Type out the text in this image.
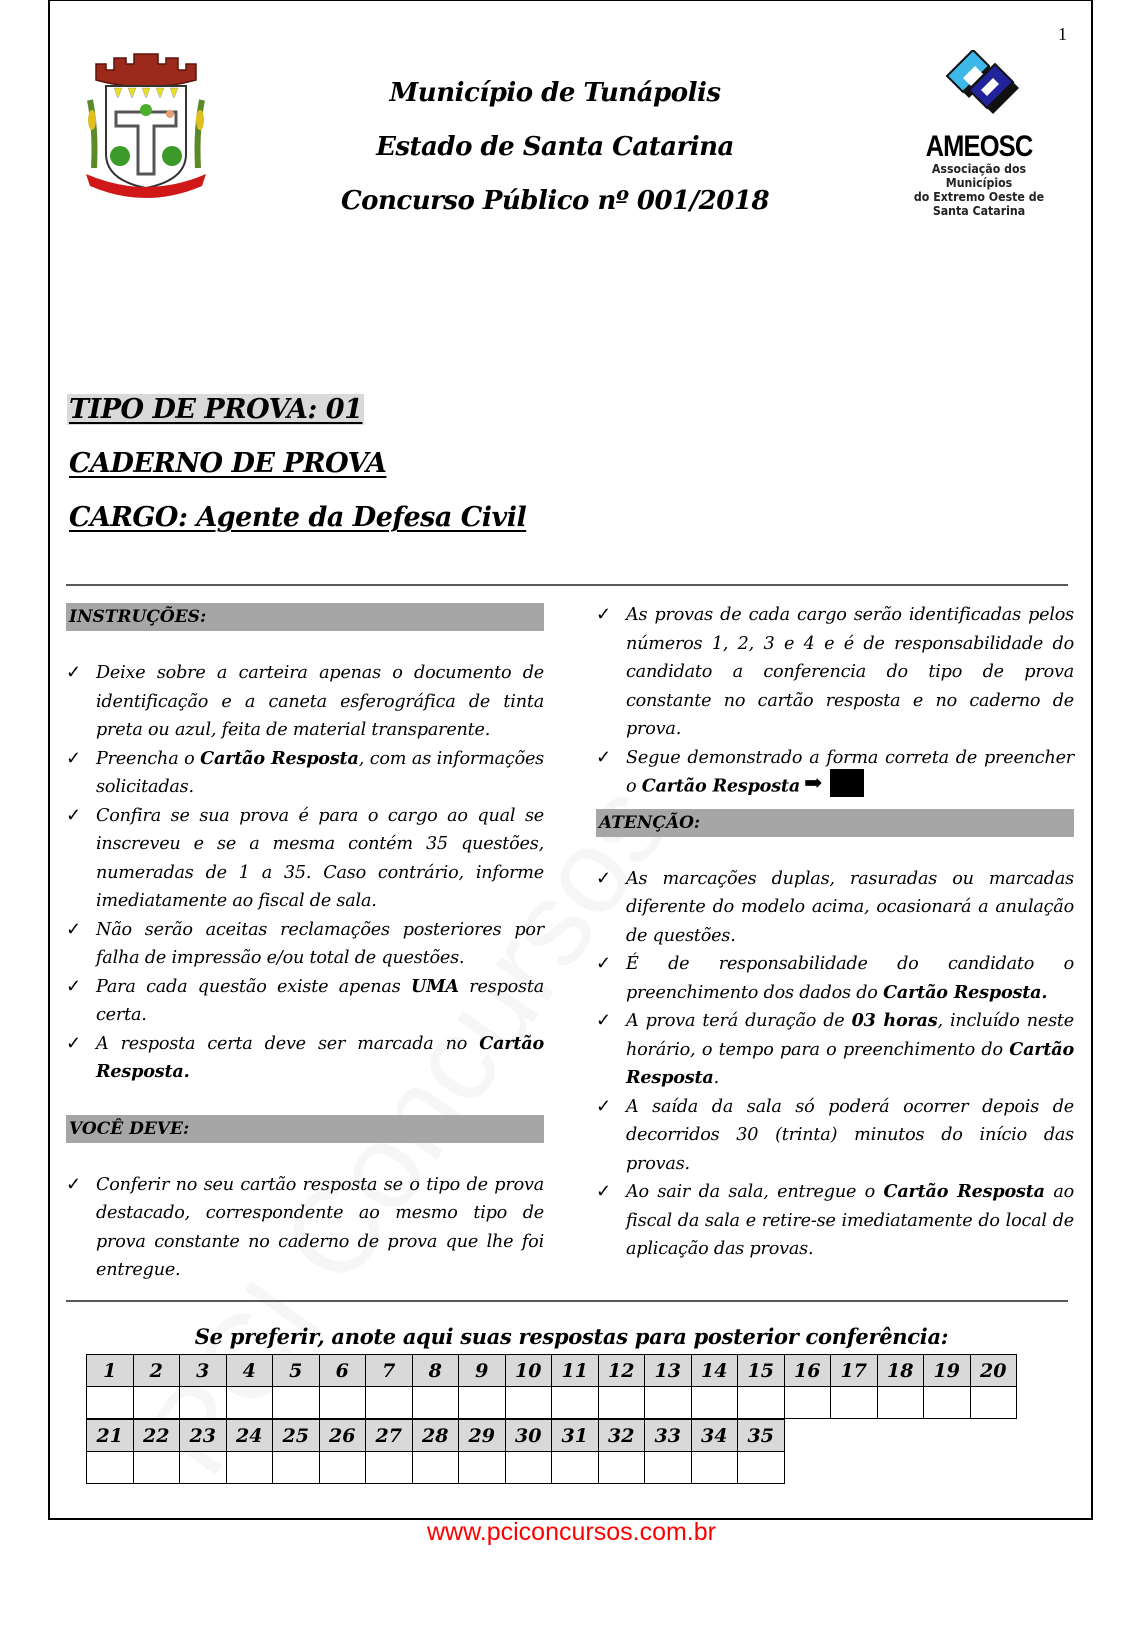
1
AMEOSC
Associação dos Municípios
do Extremo Oeste de
Santa Catarina
Município de Tunápolis
Estado de Santa Catarina
Concurso Público nº 001/2018
TIPO DE PROVA: 01
CADERNO DE PROVA
CARGO: Agente da Defesa Civil
INSTRUÇÕES:
✓ Deixe sobre a carteira apenas o documento de identificação e a caneta esferográfica de tinta preta ou azul, feita de material transparente.
✓ Preencha o Cartão Resposta, com as informações solicitadas.
✓ Confira se sua prova é para o cargo ao qual se inscreveu e se a mesma contém 35 questões, numeradas de 1 a 35. Caso contrário, informe imediatamente ao fiscal de sala.
✓ Não serão aceitas reclamações posteriores por falha de impressão e/ou total de questões.
✓ Para cada questão existe apenas UMA resposta certa.
✓ A resposta certa deve ser marcada no Cartão Resposta.
VOCÊ DEVE:
✓ Conferir no seu cartão resposta se o tipo de prova destacado, correspondente ao mesmo tipo de prova constante no caderno de prova que lhe foi entregue.
✓ As provas de cada cargo serão identificadas pelos números 1, 2, 3 e 4 e é de responsabilidade do candidato a conferencia do tipo de prova constante no cartão resposta e no caderno de prova.
✓ Segue demonstrado a forma correta de preencher o Cartão Resposta ➡
ATENÇÃO:
✓ As marcações duplas, rasuradas ou marcadas diferente do modelo acima, ocasionará a anulação de questões.
✓ É de responsabilidade do candidato o preenchimento dos dados do Cartão Resposta.
✓ A prova terá duração de 03 horas, incluído neste horário, o tempo para o preenchimento do Cartão Resposta.
✓ A saída da sala só poderá ocorrer depois de decorridos 30 (trinta) minutos do início das provas.
✓ Ao sair da sala, entregue o Cartão Resposta ao fiscal da sala e retire-se imediatamente do local de aplicação das provas.
Se preferir, anote aqui suas respostas para posterior conferência:
1	2	3	4	5	6	7	8	9	10	11	12	13	14	15	16	17	18	19	20

21	22	23	24	25	26	27	28	29	30	31	32	33	34	35

www.pciconcursos.com.br
